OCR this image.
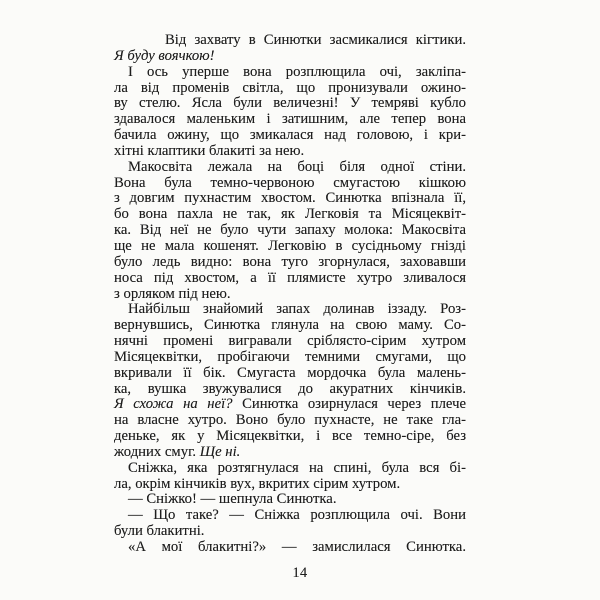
Від захвату в Синютки засмикалися кігтики.
Я буду воячкою!
І ось уперше вона розплющила очі, закліпа-
ла від променів світла, що пронизували ожино-
ву стелю. Ясла були величезні! У темряві кубло
здавалося маленьким і затишним, але тепер вона
бачила ожину, що змикалася над головою, і кри-
хітні клаптики блакиті за нею.
Макосвіта лежала на боці біля одної стіни.
Вона була темно-червоною смугастою кішкою
з довгим пухнастим хвостом. Синютка впізнала її,
бо вона пахла не так, як Легковія та Місяцеквіт-
ка. Від неї не було чути запаху молока: Макосвіта
ще не мала кошенят. Легковію в сусідньому гнізді
було ледь видно: вона туго згорнулася, заховавши
носа під хвостом, а її плямисте хутро зливалося
з орляком під нею.
Найбільш знайомий запах долинав іззаду. Роз-
вернувшись, Синютка глянула на свою маму. Со-
нячні промені вигравали сріблясто-сірим хутром
Місяцеквітки, пробігаючи темними смугами, що
вкривали її бік. Смугаста мордочка була малень-
ка, вушка звужувалися до акуратних кінчиків.
Я схожа на неї? Синютка озирнулася через плече
на власне хутро. Воно було пухнасте, не таке гла-
деньке, як у Місяцеквітки, і все темно-сіре, без
жодних смуг. Ще ні.
Сніжка, яка розтягнулася на спині, була вся бі-
ла, окрім кінчиків вух, вкритих сірим хутром.
— Сніжко! — шепнула Синютка.
— Що таке? — Сніжка розплющила очі. Вони
були блакитні.
«А мої блакитні?» — замислилася Синютка.
14
